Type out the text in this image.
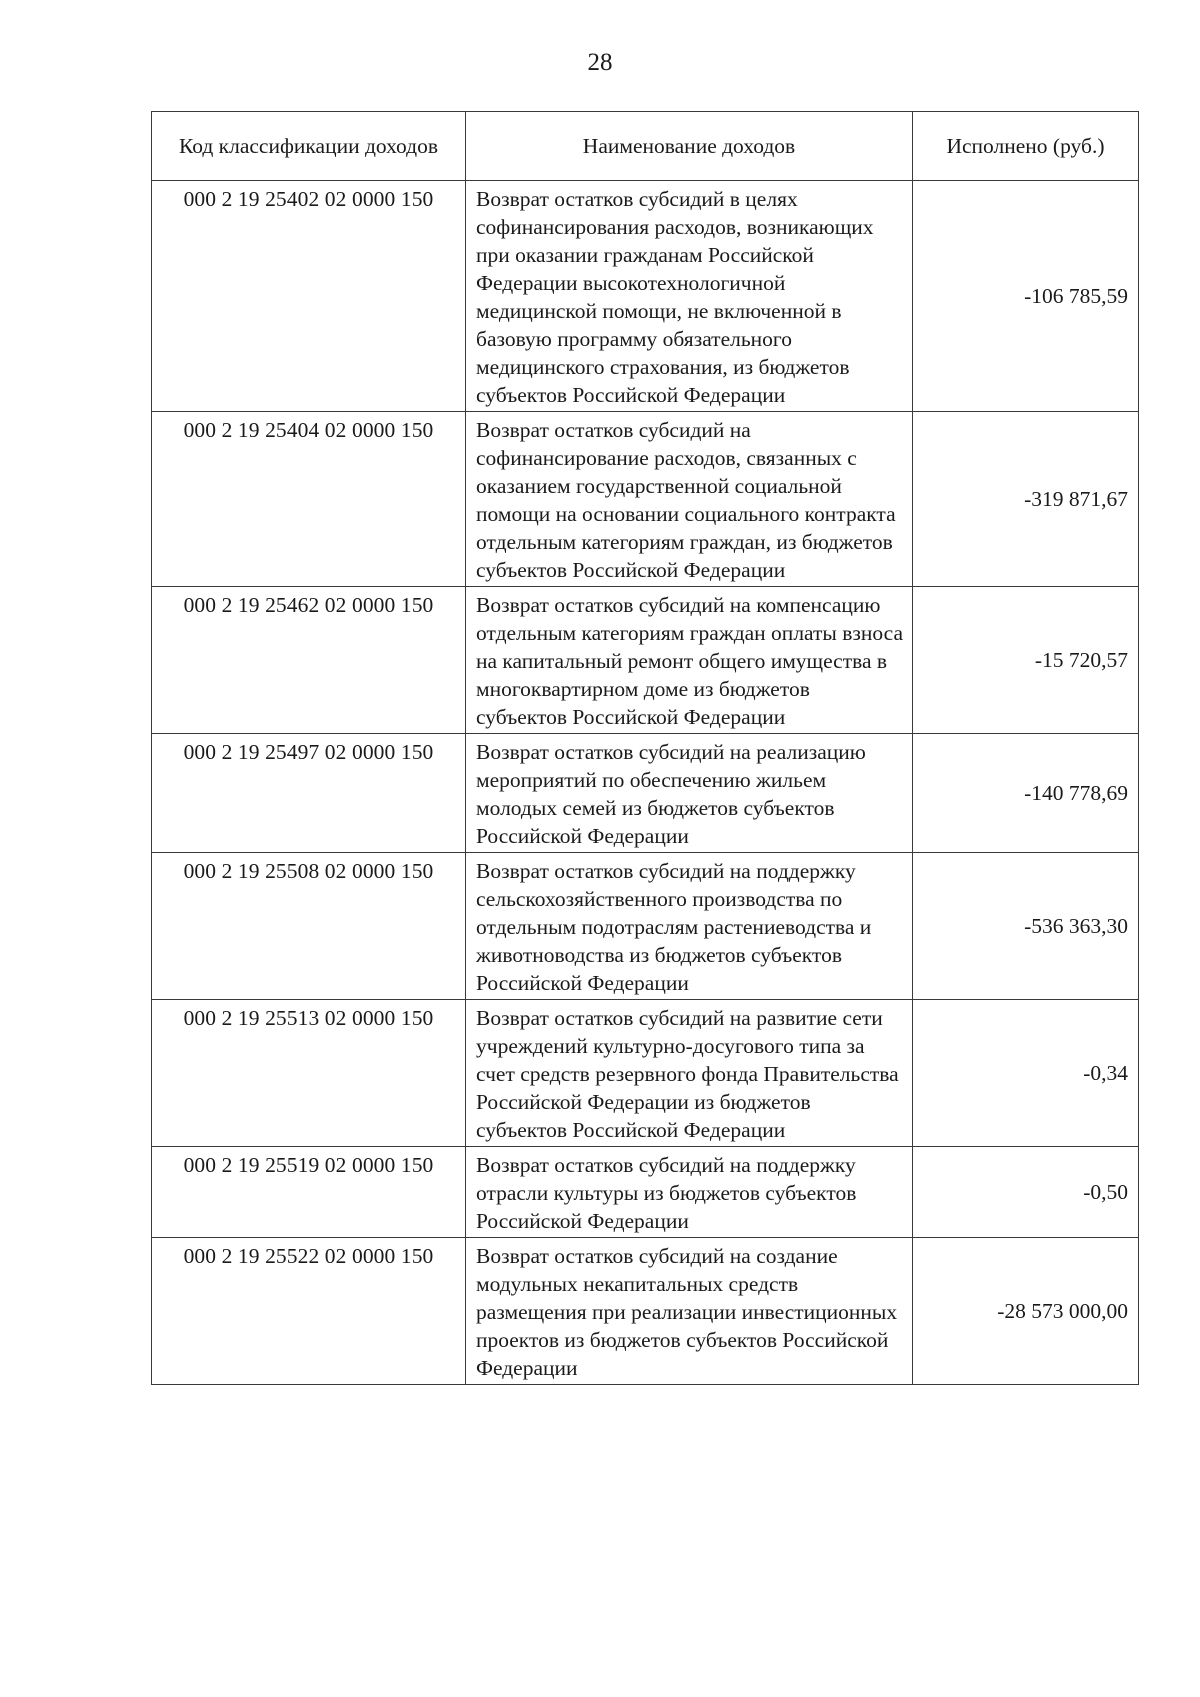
28
Код классификации доходов	Наименование доходов	Исполнено (руб.)
000 2 19 25402 02 0000 150	Возврат остатков субсидий в целях софинансирования расходов, возникающих при оказании гражданам Российской Федерации высокотехнологичной медицинской помощи, не включенной в базовую программу обязательного медицинского страхования, из бюджетов субъектов Российской Федерации	-106 785,59
000 2 19 25404 02 0000 150	Возврат остатков субсидий на софинансирование расходов, связанных с оказанием государственной социальной помощи на основании социального контракта отдельным категориям граждан, из бюджетов субъектов Российской Федерации	-319 871,67
000 2 19 25462 02 0000 150	Возврат остатков субсидий на компенсацию отдельным категориям граждан оплаты взноса на капитальный ремонт общего имущества в многоквартирном доме из бюджетов субъектов Российской Федерации	-15 720,57
000 2 19 25497 02 0000 150	Возврат остатков субсидий на реализацию мероприятий по обеспечению жильем молодых семей из бюджетов субъектов Российской Федерации	-140 778,69
000 2 19 25508 02 0000 150	Возврат остатков субсидий на поддержку сельскохозяйственного производства по отдельным подотраслям растениеводства и животноводства из бюджетов субъектов Российской Федерации	-536 363,30
000 2 19 25513 02 0000 150	Возврат остатков субсидий на развитие сети учреждений культурно-досугового типа за счет средств резервного фонда Правительства Российской Федерации из бюджетов субъектов Российской Федерации	-0,34
000 2 19 25519 02 0000 150	Возврат остатков субсидий на поддержку отрасли культуры из бюджетов субъектов Российской Федерации	-0,50
000 2 19 25522 02 0000 150	Возврат остатков субсидий на создание модульных некапитальных средств размещения при реализации инвестиционных проектов из бюджетов субъектов Российской Федерации	-28 573 000,00
